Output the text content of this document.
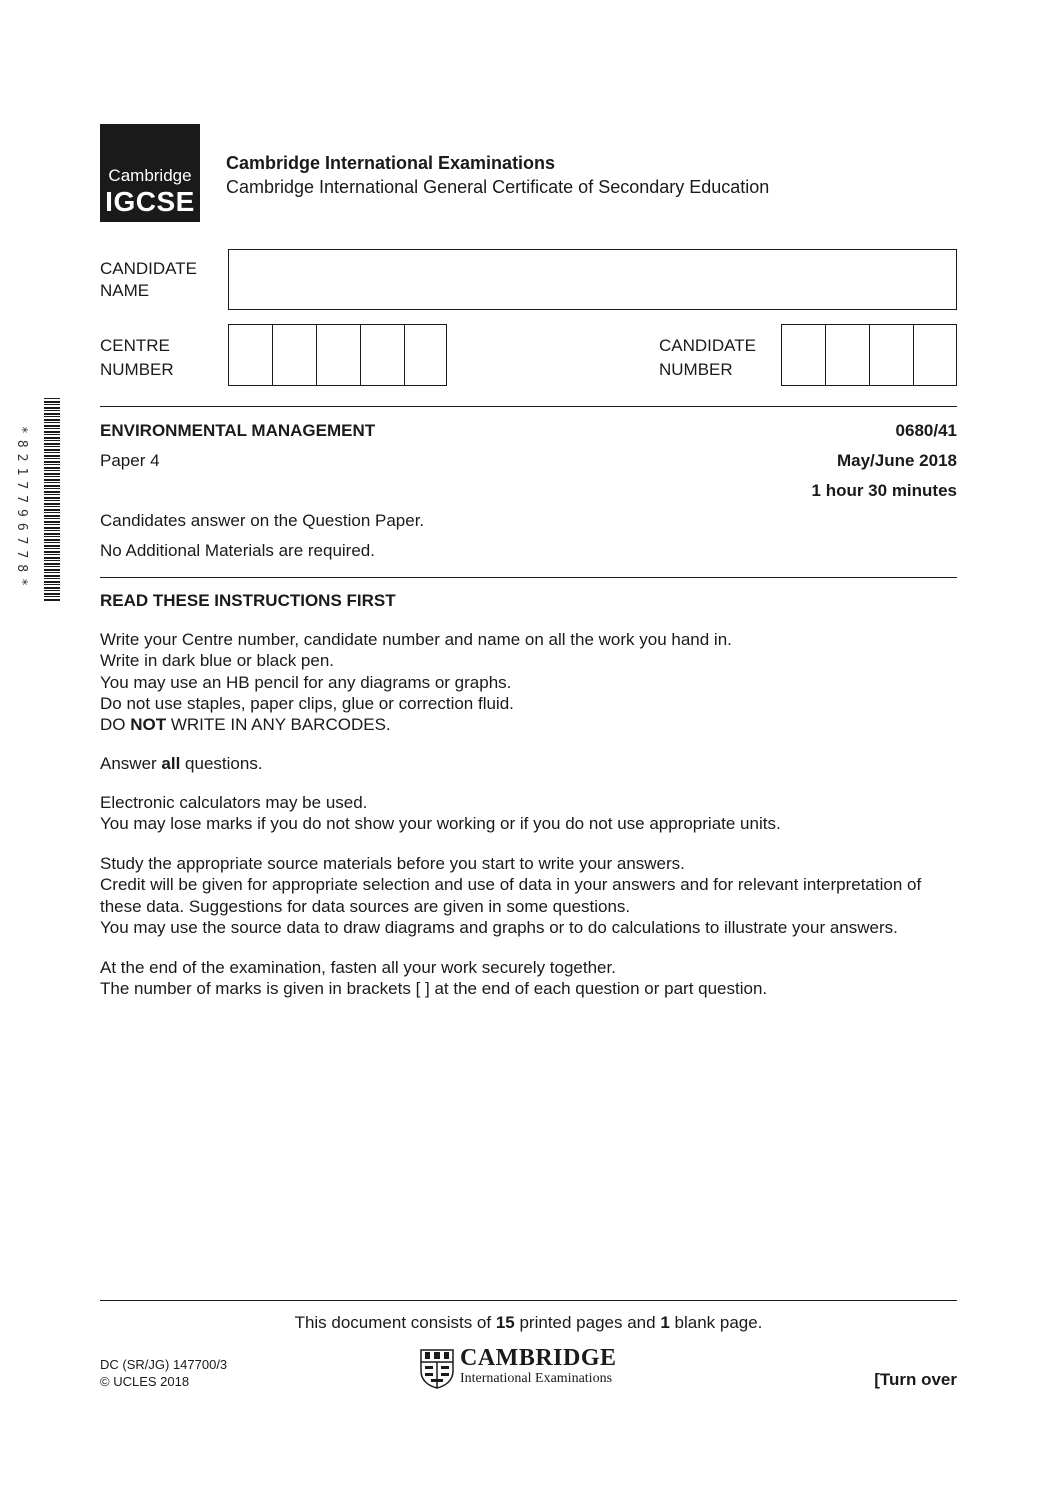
Cambridge
IGCSE
Cambridge International Examinations
Cambridge International General Certificate of Secondary Education
CANDIDATE
NAME
CENTRE
NUMBER
CANDIDATE
NUMBER
*8217796778*	ENVIRONMENTAL MANAGEMENT	0680/41
Paper 4	May/June 2018
1 hour 30 minutes
Candidates answer on the Question Paper.
No Additional Materials are required.
READ THESE INSTRUCTIONS FIRST

Write your Centre number, candidate number and name on all the work you hand in.

Write in dark blue or black pen.

You may use an HB pencil for any diagrams or graphs.

Do not use staples, paper clips, glue or correction fluid.

DO NOT WRITE IN ANY BARCODES.

Answer all questions.

Electronic calculators may be used.

You may lose marks if you do not show your working or if you do not use appropriate units.

Study the appropriate source materials before you start to write your answers.

Credit will be given for appropriate selection and use of data in your answers and for relevant interpretation of these data. Suggestions for data sources are given in some questions.

You may use the source data to draw diagrams and graphs or to do calculations to illustrate your answers.

At the end of the examination, fasten all your work securely together.

The number of marks is given in brackets [ ] at the end of each question or part question.

This document consists of 15 printed pages and 1 blank page.
DC (SR/JG) 147700/3
© UCLES 2018
CAMBRIDGE
International Examinations	[Turn over
